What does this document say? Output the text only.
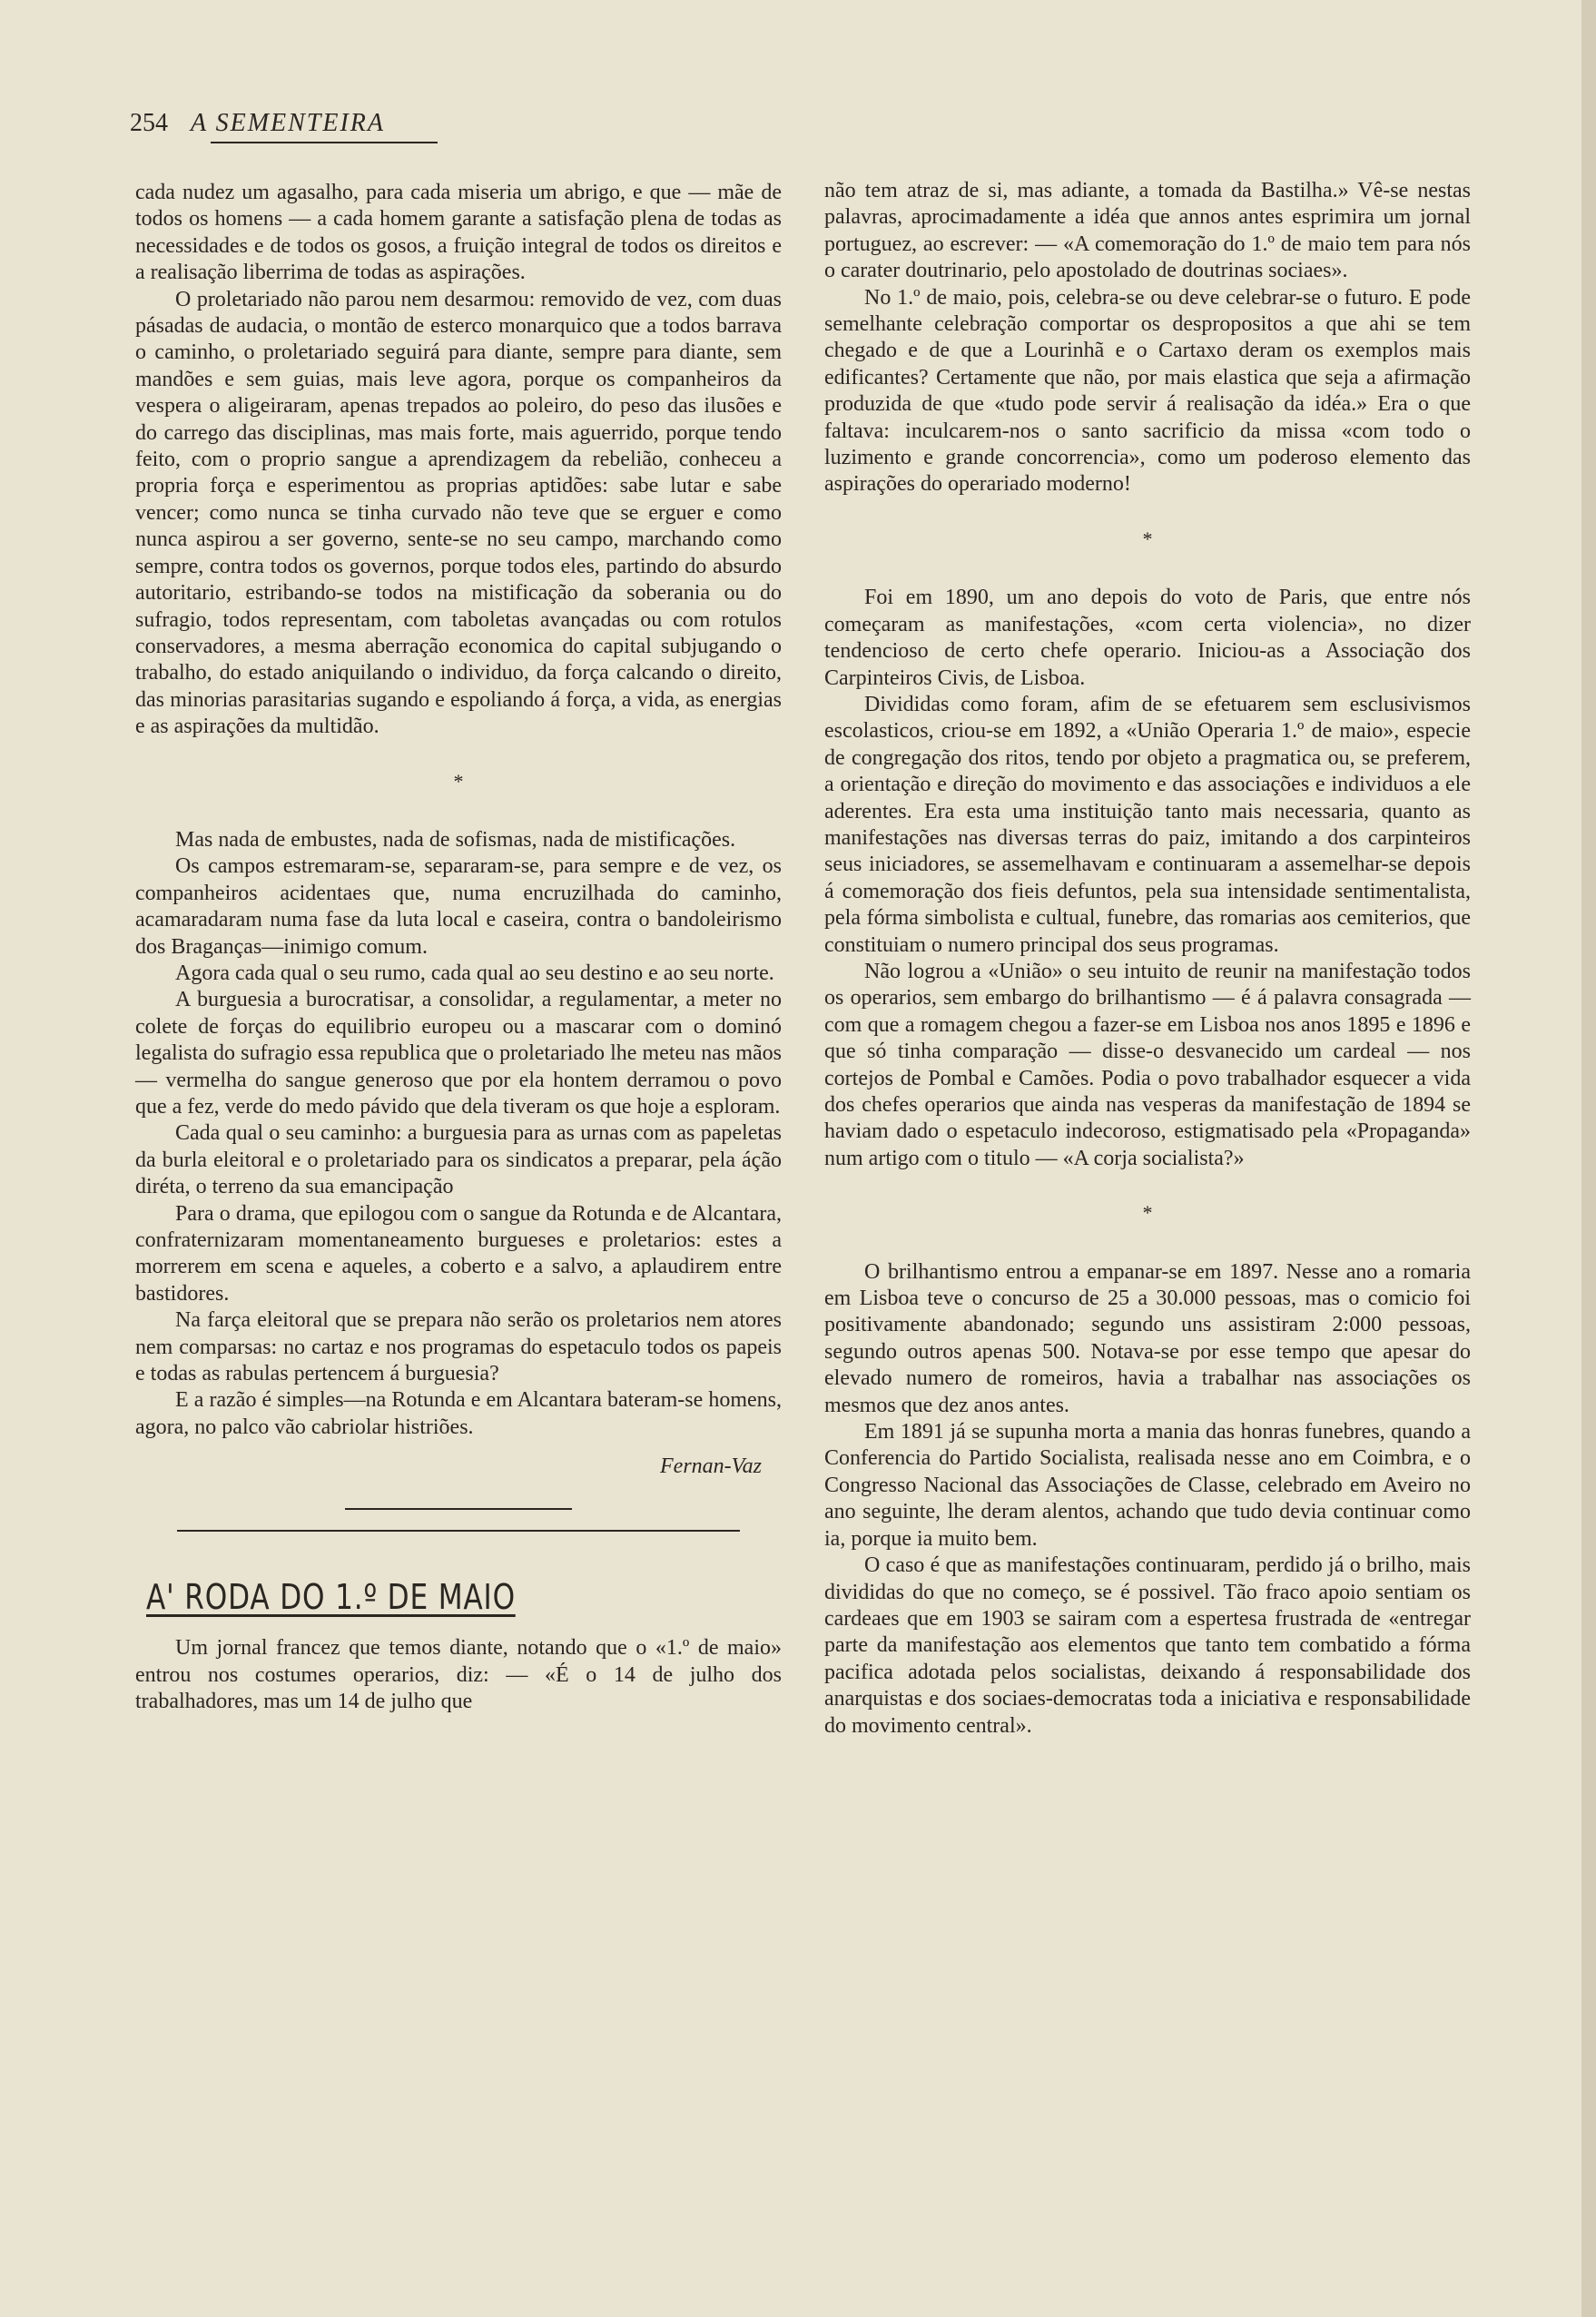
254 A SEMENTEIRA

cada nudez um agasalho, para cada miseria um abrigo, e que — mãe de todos os homens — a cada homem garante a satisfação plena de todas as necessidades e de todos os gosos, a fruição integral de todos os direitos e a realisação liberrima de todas as aspirações.

O proletariado não parou nem desarmou: removido de vez, com duas pásadas de audacia, o montão de esterco monarquico que a todos barrava o caminho, o proletariado seguirá para diante, sempre para diante, sem mandões e sem guias, mais leve agora, porque os companheiros da vespera o aligeiraram, apenas trepados ao poleiro, do peso das ilusões e do carrego das disciplinas, mas mais forte, mais aguerrido, porque tendo feito, com o proprio sangue a aprendizagem da rebelião, conheceu a propria força e esperimentou as proprias aptidões: sabe lutar e sabe vencer; como nunca se tinha curvado não teve que se erguer e como nunca aspirou a ser governo, sente-se no seu campo, marchando como sempre, contra todos os governos, porque todos eles, partindo do absurdo autoritario, estribando-se todos na mistificação da soberania ou do sufragio, todos representam, com taboletas avançadas ou com rotulos conservadores, a mesma aberração economica do capital subjugando o trabalho, do estado aniquilando o individuo, da força calcando o direito, das minorias parasitarias sugando e espoliando á força, a vida, as energias e as aspirações da multidão.

*

Mas nada de embustes, nada de sofismas, nada de mistificações.

Os campos estremaram-se, separaram-se, para sempre e de vez, os companheiros acidentaes que, numa encruzilhada do caminho, acamaradaram numa fase da luta local e caseira, contra o bandoleirismo dos Braganças—inimigo comum.

Agora cada qual o seu rumo, cada qual ao seu destino e ao seu norte.

A burguesia a burocratisar, a consolidar, a regulamentar, a meter no colete de forças do equilibrio europeu ou a mascarar com o dominó legalista do sufragio essa republica que o proletariado lhe meteu nas mãos — vermelha do sangue generoso que por ela hontem derramou o povo que a fez, verde do medo pávido que dela tiveram os que hoje a esploram.

Cada qual o seu caminho: a burguesia para as urnas com as papeletas da burla eleitoral e o proletariado para os sindicatos a preparar, pela áção diréta, o terreno da sua emancipação

Para o drama, que epilogou com o sangue da Rotunda e de Alcantara, confraternizaram momentaneamento burgueses e proletarios: estes a morrerem em scena e aqueles, a coberto e a salvo, a aplaudirem entre bastidores.

Na farça eleitoral que se prepara não serão os proletarios nem atores nem comparsas: no cartaz e nos programas do espetaculo todos os papeis e todas as rabulas pertencem á burguesia?

E a razão é simples—na Rotunda e em Alcantara bateram-se homens, agora, no palco vão cabriolar histriões.

Fernan-Vaz
A' RODA DO 1.º DE MAIO

Um jornal francez que temos diante, notando que o «1.º de maio» entrou nos costumes operarios, diz: — «É o 14 de julho dos trabalhadores, mas um 14 de julho que

não tem atraz de si, mas adiante, a tomada da Bastilha.» Vê-se nestas palavras, aprocimadamente a idéa que annos antes esprimira um jornal portuguez, ao escrever: — «A comemoração do 1.º de maio tem para nós o carater doutrinario, pelo apostolado de doutrinas sociaes».

No 1.º de maio, pois, celebra-se ou deve celebrar-se o futuro. E pode semelhante celebração comportar os despropositos a que ahi se tem chegado e de que a Lourinhã e o Cartaxo deram os exemplos mais edificantes? Certamente que não, por mais elastica que seja a afirmação produzida de que «tudo pode servir á realisação da idéa.» Era o que faltava: inculcarem-nos o santo sacrificio da missa «com todo o luzimento e grande concorrencia», como um poderoso elemento das aspirações do operariado moderno!

*

Foi em 1890, um ano depois do voto de Paris, que entre nós começaram as manifestações, «com certa violencia», no dizer tendencioso de certo chefe operario. Iniciou-as a Associação dos Carpinteiros Civis, de Lisboa.

Divididas como foram, afim de se efetuarem sem esclusivismos escolasticos, criou-se em 1892, a «União Operaria 1.º de maio», especie de congregação dos ritos, tendo por objeto a pragmatica ou, se preferem, a orientação e direção do movimento e das associações e individuos a ele aderentes. Era esta uma instituição tanto mais necessaria, quanto as manifestações nas diversas terras do paiz, imitando a dos carpinteiros seus iniciadores, se assemelhavam e continuaram a assemelhar-se depois á comemoração dos fieis defuntos, pela sua intensidade sentimentalista, pela fórma simbolista e cultual, funebre, das romarias aos cemiterios, que constituiam o numero principal dos seus programas.

Não logrou a «União» o seu intuito de reunir na manifestação todos os operarios, sem embargo do brilhantismo — é á palavra consagrada — com que a romagem chegou a fazer-se em Lisboa nos anos 1895 e 1896 e que só tinha comparação — disse-o desvanecido um cardeal — nos cortejos de Pombal e Camões. Podia o povo trabalhador esquecer a vida dos chefes operarios que ainda nas vesperas da manifestação de 1894 se haviam dado o espetaculo indecoroso, estigmatisado pela «Propaganda» num artigo com o titulo — «A corja socialista?»

*

O brilhantismo entrou a empanar-se em 1897. Nesse ano a romaria em Lisboa teve o concurso de 25 a 30.000 pessoas, mas o comicio foi positivamente abandonado; segundo uns assistiram 2:000 pessoas, segundo outros apenas 500. Notava-se por esse tempo que apesar do elevado numero de romeiros, havia a trabalhar nas associações os mesmos que dez anos antes.

Em 1891 já se supunha morta a mania das honras funebres, quando a Conferencia do Partido Socialista, realisada nesse ano em Coimbra, e o Congresso Nacional das Associações de Classe, celebrado em Aveiro no ano seguinte, lhe deram alentos, achando que tudo devia continuar como ia, porque ia muito bem.

O caso é que as manifestações continuaram, perdido já o brilho, mais divididas do que no começo, se é possivel. Tão fraco apoio sentiam os cardeaes que em 1903 se sairam com a espertesa frustrada de «entregar parte da manifestação aos elementos que tanto tem combatido a fórma pacifica adotada pelos socialistas, deixando á responsabilidade dos anarquistas e dos sociaes-democratas toda a iniciativa e responsabilidade do movimento central».
